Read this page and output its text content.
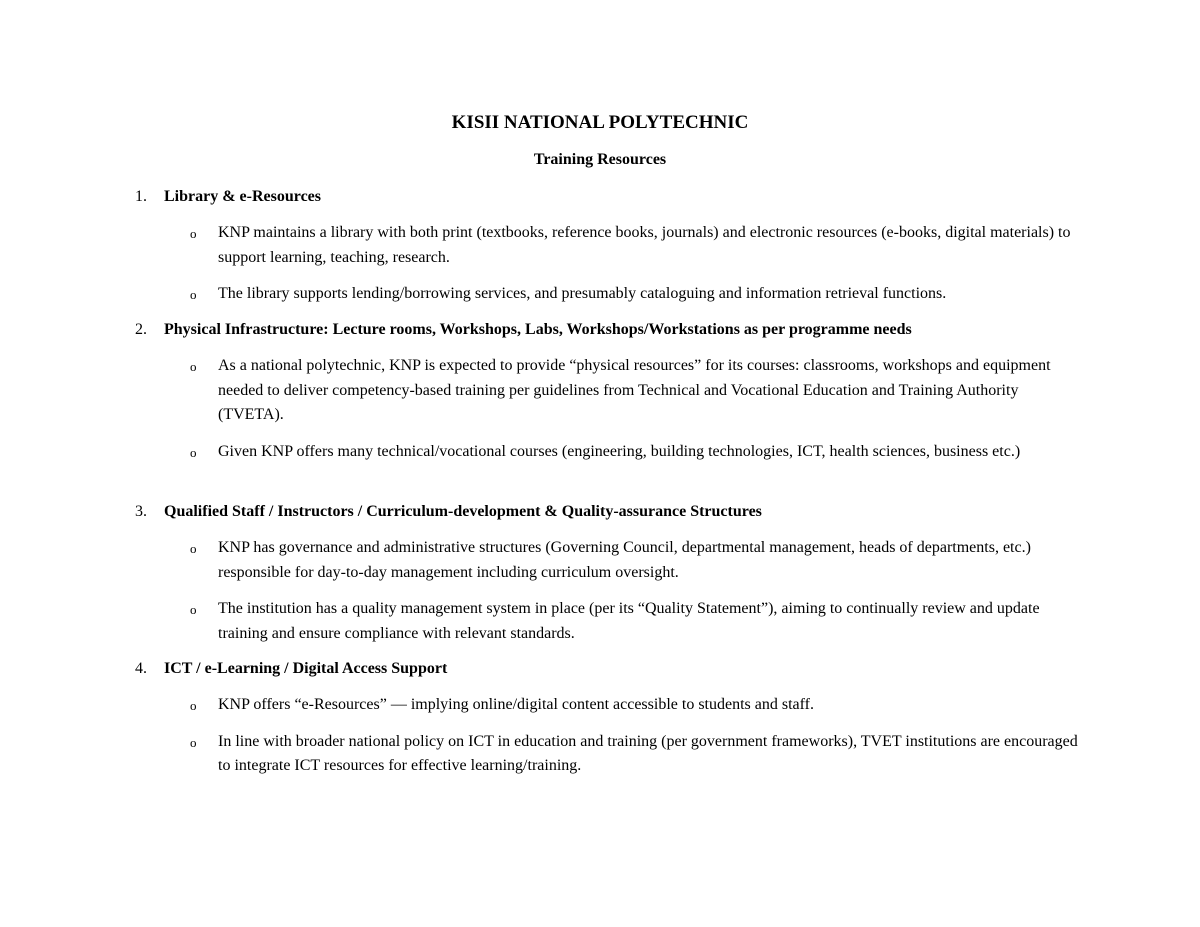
KISII NATIONAL POLYTECHNIC
Training Resources
1. Library & e-Resources
o KNP maintains a library with both print (textbooks, reference books, journals) and electronic resources (e-books, digital materials) to support learning, teaching, research.
o The library supports lending/borrowing services, and presumably cataloguing and information retrieval functions.
2. Physical Infrastructure: Lecture rooms, Workshops, Labs, Workshops/Workstations as per programme needs
o As a national polytechnic, KNP is expected to provide “physical resources” for its courses: classrooms, workshops and equipment needed to deliver competency-based training per guidelines from Technical and Vocational Education and Training Authority (TVETA).
o Given KNP offers many technical/vocational courses (engineering, building technologies, ICT, health sciences, business etc.)
3. Qualified Staff / Instructors / Curriculum-development & Quality-assurance Structures
o KNP has governance and administrative structures (Governing Council, departmental management, heads of departments, etc.) responsible for day-to-day management including curriculum oversight.
o The institution has a quality management system in place (per its “Quality Statement”), aiming to continually review and update training and ensure compliance with relevant standards.
4. ICT / e-Learning / Digital Access Support
o KNP offers “e-Resources” — implying online/digital content accessible to students and staff.
o In line with broader national policy on ICT in education and training (per government frameworks), TVET institutions are encouraged to integrate ICT resources for effective learning/training.
